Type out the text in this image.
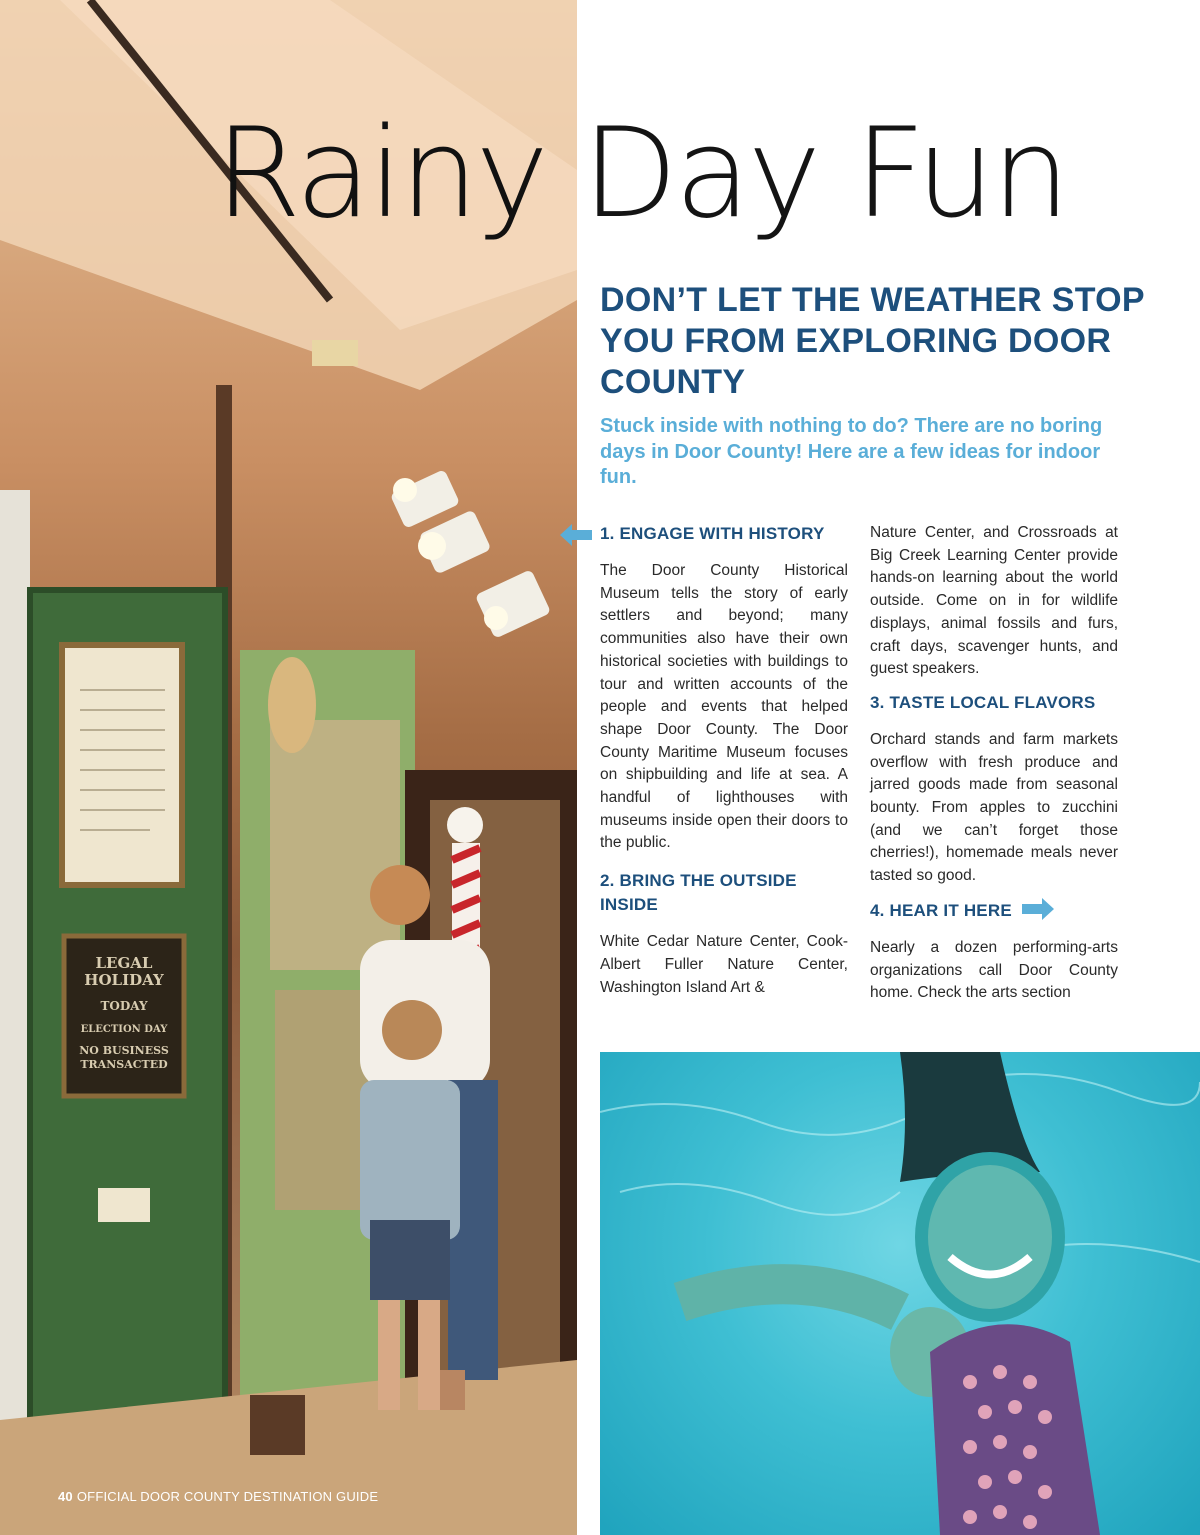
LEGAL
HOLIDAY
TODAY
ELECTION DAY
NO BUSINESS
TRANSACTED
Rainy Day Fun
DON’T LET THE WEATHER STOP YOU FROM EXPLORING DOOR COUNTY

Stuck inside with nothing to do? There are no boring days in Door County! Here are a few ideas for indoor fun.

1. ENGAGE WITH HISTORY

The Door County Historical Museum tells the story of early settlers and beyond; many communities also have their own historical societies with buildings to tour and written accounts of the people and events that helped shape Door County. The Door County Maritime Museum focuses on shipbuilding and life at sea. A handful of lighthouses with museums inside open their doors to the public.

2. BRING THE OUTSIDE INSIDE

White Cedar Nature Center, Cook-Albert Fuller Nature Center, Washington Island Art &

Nature Center, and Crossroads at Big Creek Learning Center provide hands-on learning about the world outside. Come on in for wildlife displays, animal fossils and furs, craft days, scavenger hunts, and guest speakers.

3. TASTE LOCAL FLAVORS

Orchard stands and farm markets overflow with fresh produce and jarred goods made from seasonal bounty. From apples to zucchini (and we can’t forget those cherries!), homemade meals never tasted so good.

4. HEAR IT HERE

Nearly a dozen performing-arts organizations call Door County home. Check the arts section

40 OFFICIAL DOOR COUNTY DESTINATION GUIDE
